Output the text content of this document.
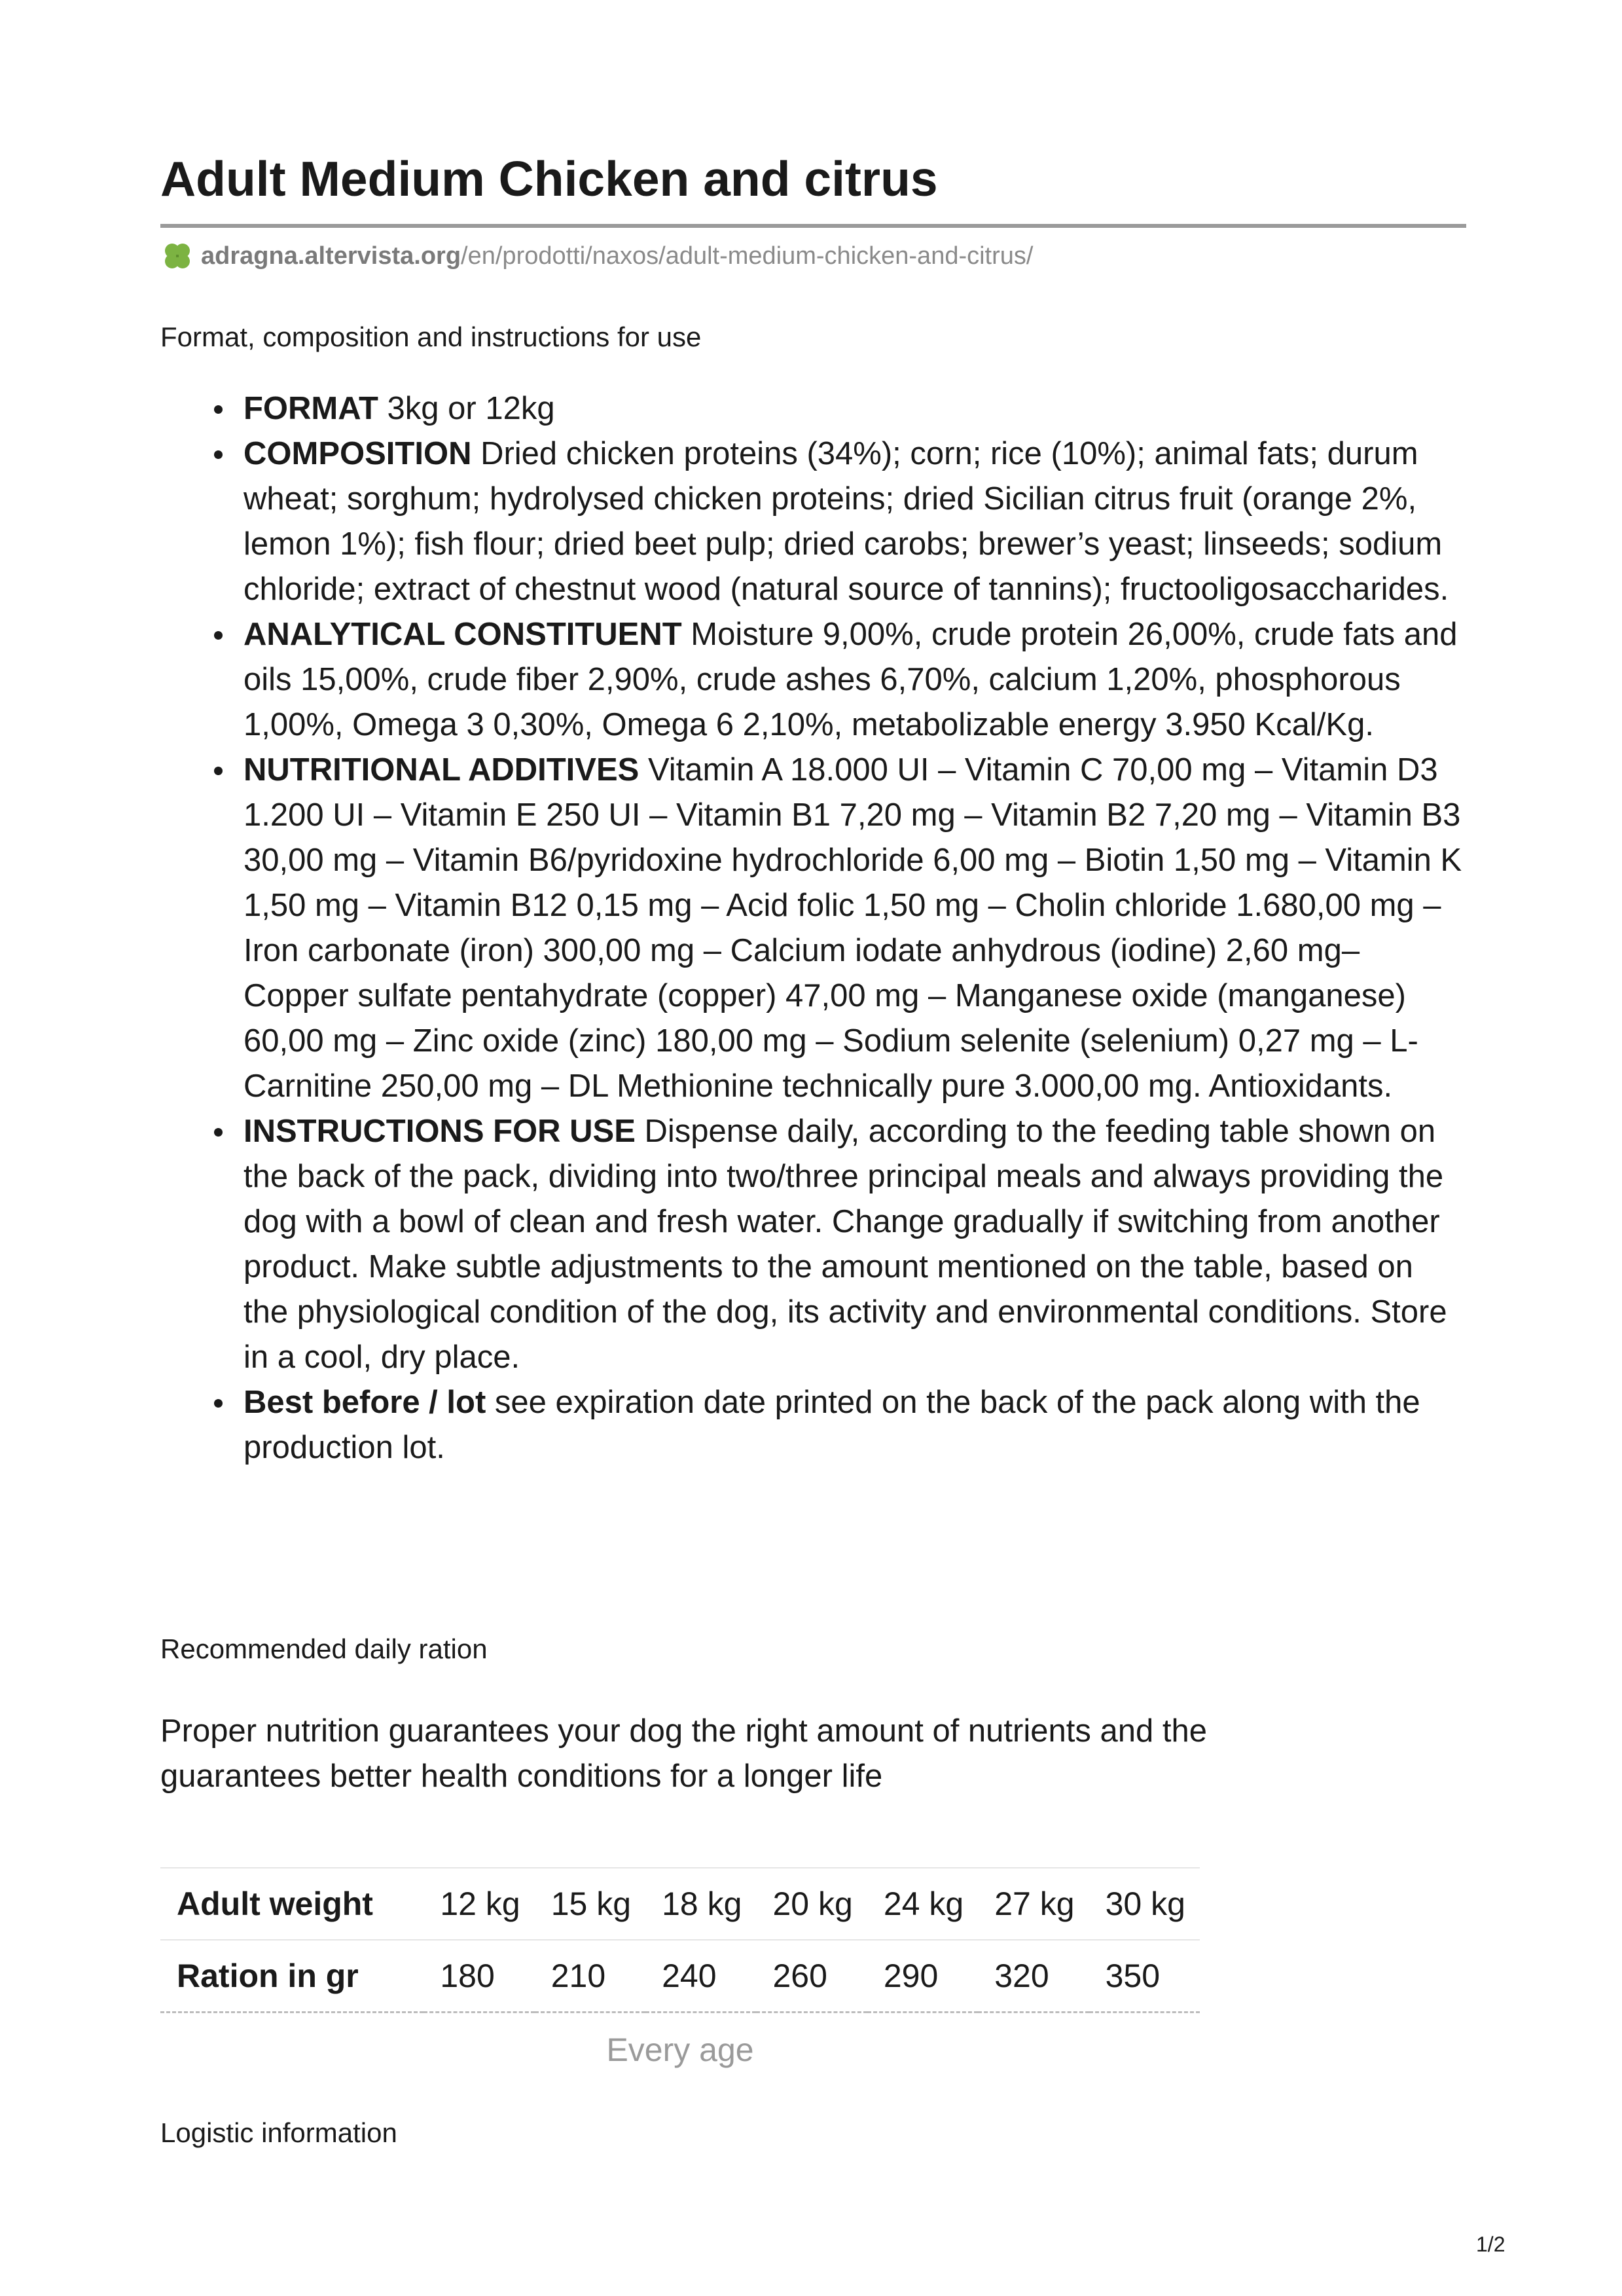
Adult Medium Chicken and citrus
adragna.altervista.org /en/prodotti/naxos/adult-medium-chicken-and-citrus/
Format, composition and instructions for use
FORMAT 3kg or 12kg
COMPOSITION Dried chicken proteins (34%); corn; rice (10%); animal fats; durum wheat; sorghum; hydrolysed chicken proteins; dried Sicilian citrus fruit (orange 2%, lemon 1%); fish flour; dried beet pulp; dried carobs; brewer’s yeast; linseeds; sodium chloride; extract of chestnut wood (natural source of tannins); fructooligosaccharides.
ANALYTICAL CONSTITUENT Moisture 9,00%, crude protein 26,00%, crude fats and oils 15,00%, crude fiber 2,90%, crude ashes 6,70%, calcium 1,20%, phosphorous 1,00%, Omega 3 0,30%, Omega 6 2,10%, metabolizable energy 3.950 Kcal/Kg.
NUTRITIONAL ADDITIVES Vitamin A 18.000 UI – Vitamin C 70,00 mg – Vitamin D3 1.200 UI – Vitamin E 250 UI – Vitamin B1 7,20 mg – Vitamin B2 7,20 mg – Vitamin B3 30,00 mg – Vitamin B6/pyridoxine hydrochloride 6,00 mg – Biotin 1,50 mg – Vitamin K 1,50 mg – Vitamin B12 0,15 mg – Acid folic 1,50 mg – Cholin chloride 1.680,00 mg – Iron carbonate (iron) 300,00 mg – Calcium iodate anhydrous (iodine) 2,60 mg– Copper sulfate pentahydrate (copper) 47,00 mg – Manganese oxide (manganese) 60,00 mg – Zinc oxide (zinc) 180,00 mg – Sodium selenite (selenium) 0,27 mg – L-Carnitine 250,00 mg – DL Methionine technically pure 3.000,00 mg. Antioxidants.
INSTRUCTIONS FOR USE Dispense daily, according to the feeding table shown on the back of the pack, dividing into two/three principal meals and always providing the dog with a bowl of clean and fresh water. Change gradually if switching from another product. Make subtle adjustments to the amount mentioned on the table, based on the physiological condition of the dog, its activity and environmental conditions. Store in a cool, dry place.
Best before / lot see expiration date printed on the back of the pack along with the production lot.
Recommended daily ration
Proper nutrition guarantees your dog the right amount of nutrients and the guarantees better health conditions for a longer life
Adult weight	12 kg	15 kg	18 kg	20 kg	24 kg	27 kg	30 kg
Ration in gr	180	210	240	260	290	320	350
Every age
Logistic information
1/2
